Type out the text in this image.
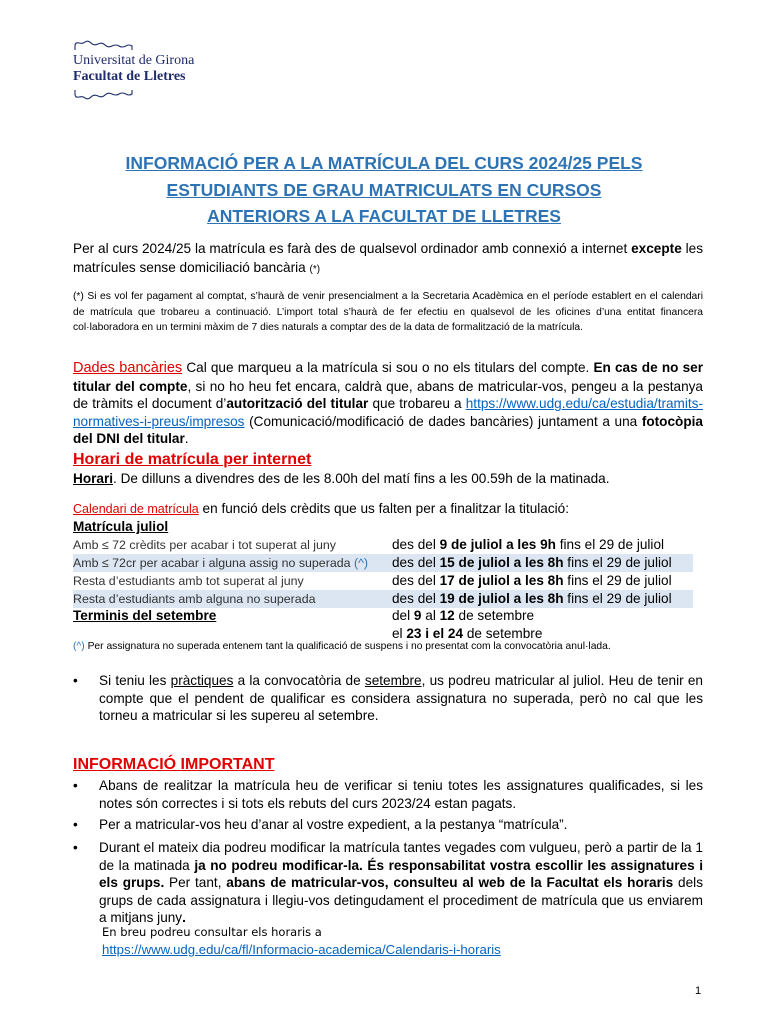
Universitat de Girona
Facultat de Lletres
INFORMACIÓ PER A LA MATRÍCULA DEL CURS 2024/25 PELS
ESTUDIANTS DE GRAU MATRICULATS EN CURSOS
ANTERIORS A LA FACULTAT DE LLETRES
Per al curs 2024/25 la matrícula es farà des de qualsevol ordinador amb connexió a internet excepte les matrícules sense domiciliació bancària (*)
(*) Si es vol fer pagament al comptat, s’haurà de venir presencialment a la Secretaria Acadèmica en el període establert en el calendari de matrícula que trobareu a continuació. L’import total s’haurà de fer efectiu en qualsevol de les oficines d’una entitat financera col·laboradora en un termini màxim de 7 dies naturals a comptar des de la data de formalització de la matrícula.
Dades bancàries Cal que marqueu a la matrícula si sou o no els titulars del compte. En cas de no ser titular del compte, si no ho heu fet encara, caldrà que, abans de matricular-vos, pengeu a la pestanya de tràmits el document d’autorització del titular que trobareu a https://www.udg.edu/ca/estudia/tramits-normatives-i-preus/impresos (Comunicació/modificació de dades bancàries) juntament a una fotocòpia del DNI del titular.
Horari de matrícula per internet
Horari. De dilluns a divendres des de les 8.00h del matí fins a les 00.59h de la matinada.
Calendari de matrícula en funció dels crèdits que us falten per a finalitzar la titulació:
Matrícula juliol
Amb ≤ 72 crèdits per acabar i tot superat al juny	des del 9 de juliol a les 9h fins el 29 de juliol
Amb ≤ 72cr per acabar i alguna assig no superada (^) des del 15 de juliol a les 8h fins el 29 de juliol
Resta d’estudiants amb tot superat al juny	des del 17 de juliol a les 8h fins el 29 de juliol
Resta d’estudiants amb alguna no superada	des del 19 de juliol a les 8h fins el 29 de juliol
Terminis del setembre	del 9 al 12 de setembre
el 23 i el 24 de setembre
(^) Per assignatura no superada entenem tant la qualificació de suspens i no presentat com la convocatòria anul·lada.
• Si teniu les pràctiques a la convocatòria de setembre, us podreu matricular al juliol. Heu de tenir en compte que el pendent de qualificar es considera assignatura no superada, però no cal que les torneu a matricular si les supereu al setembre.
INFORMACIÓ IMPORTANT
• Abans de realitzar la matrícula heu de verificar si teniu totes les assignatures qualificades, si les notes són correctes i si tots els rebuts del curs 2023/24 estan pagats.
• Per a matricular-vos heu d’anar al vostre expedient, a la pestanya “matrícula”.
• Durant el mateix dia podreu modificar la matrícula tantes vegades com vulgueu, però a partir de la 1 de la matinada ja no podreu modificar-la. És responsabilitat vostra escollir les assignatures i els grups. Per tant, abans de matricular-vos, consulteu al web de la Facultat els horaris dels grups de cada assignatura i llegiu-vos detingudament el procediment de matrícula que us enviarem a mitjans juny.
En breu podreu consultar els horaris a
https://www.udg.edu/ca/fl/Informacio-academica/Calendaris-i-horaris
1
